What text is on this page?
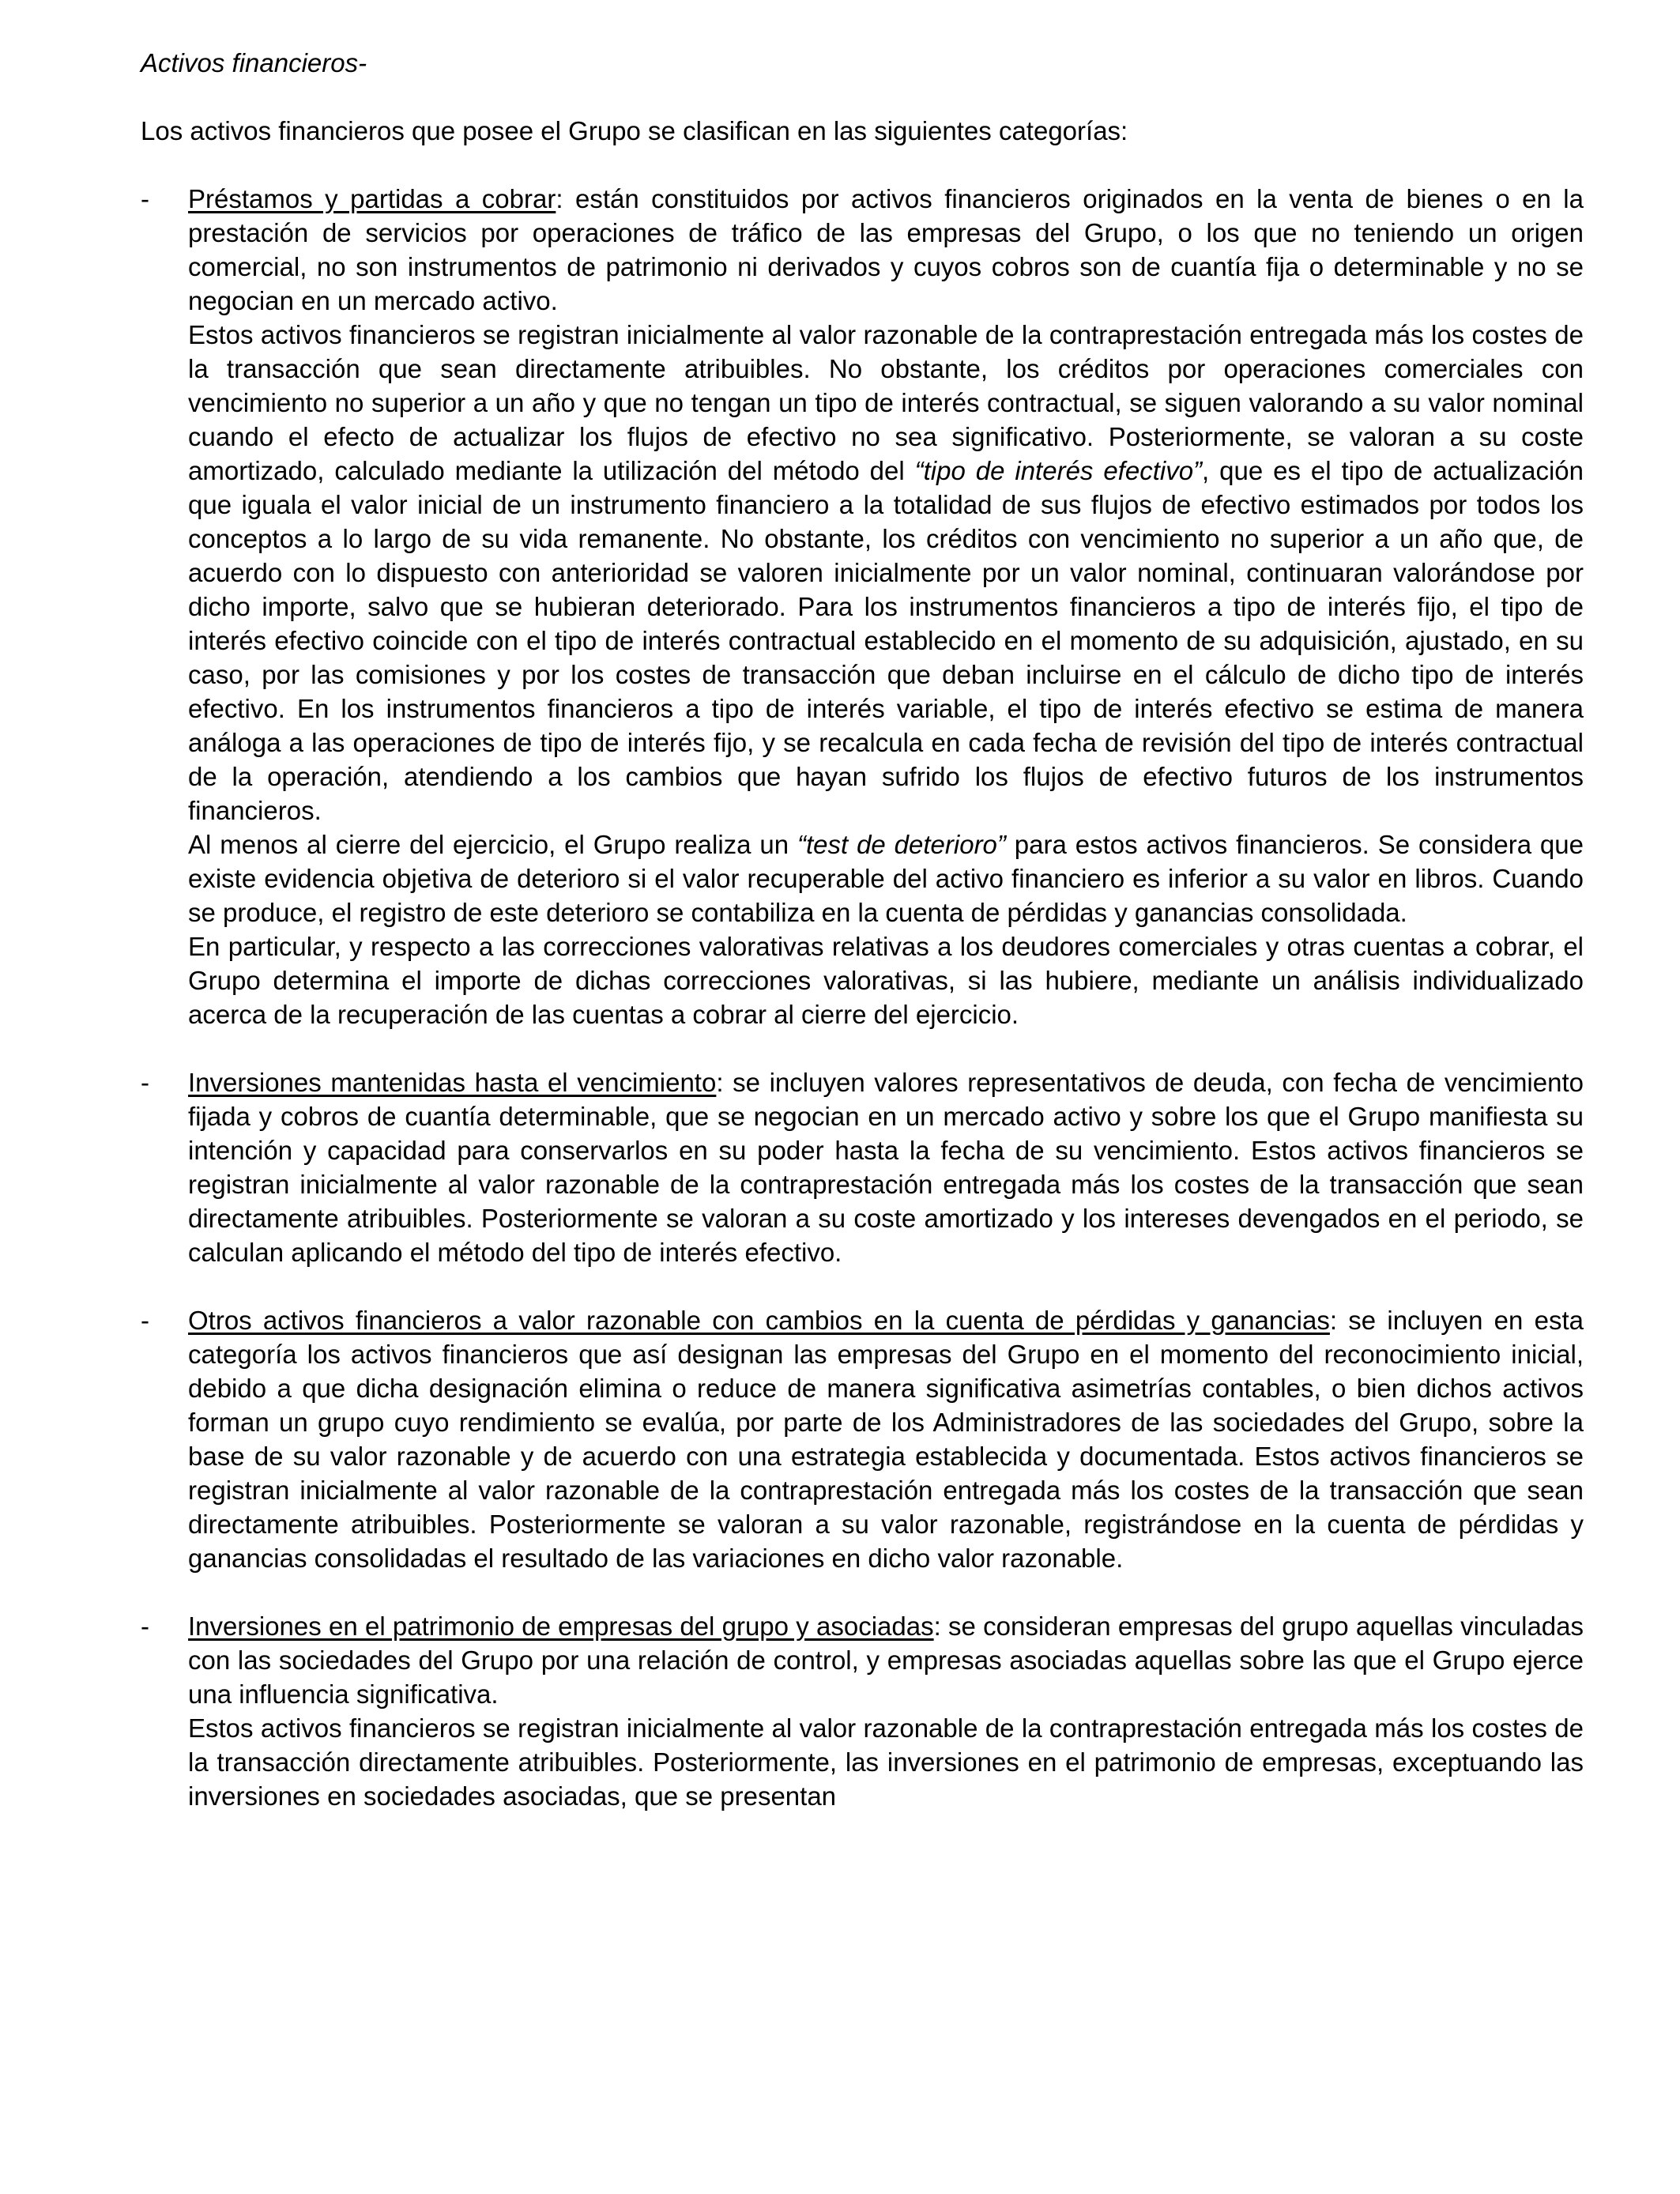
Activos financieros-

Los activos financieros que posee el Grupo se clasifican en las siguientes categorías:

- Préstamos y partidas a cobrar: están constituidos por activos financieros originados en la venta de bienes o en la prestación de servicios por operaciones de tráfico de las empresas del Grupo, o los que no teniendo un origen comercial, no son instrumentos de patrimonio ni derivados y cuyos cobros son de cuantía fija o determinable y no se negocian en un mercado activo.

Estos activos financieros se registran inicialmente al valor razonable de la contraprestación entregada más los costes de la transacción que sean directamente atribuibles. No obstante, los créditos por operaciones comerciales con vencimiento no superior a un año y que no tengan un tipo de interés contractual, se siguen valorando a su valor nominal cuando el efecto de actualizar los flujos de efectivo no sea significativo. Posteriormente, se valoran a su coste amortizado, calculado mediante la utilización del método del “tipo de interés efectivo”, que es el tipo de actualización que iguala el valor inicial de un instrumento financiero a la totalidad de sus flujos de efectivo estimados por todos los conceptos a lo largo de su vida remanente. No obstante, los créditos con vencimiento no superior a un año que, de acuerdo con lo dispuesto con anterioridad se valoren inicialmente por un valor nominal, continuaran valorándose por dicho importe, salvo que se hubieran deteriorado. Para los instrumentos financieros a tipo de interés fijo, el tipo de interés efectivo coincide con el tipo de interés contractual establecido en el momento de su adquisición, ajustado, en su caso, por las comisiones y por los costes de transacción que deban incluirse en el cálculo de dicho tipo de interés efectivo. En los instrumentos financieros a tipo de interés variable, el tipo de interés efectivo se estima de manera análoga a las operaciones de tipo de interés fijo, y se recalcula en cada fecha de revisión del tipo de interés contractual de la operación, atendiendo a los cambios que hayan sufrido los flujos de efectivo futuros de los instrumentos financieros.

Al menos al cierre del ejercicio, el Grupo realiza un “test de deterioro” para estos activos financieros. Se considera que existe evidencia objetiva de deterioro si el valor recuperable del activo financiero es inferior a su valor en libros. Cuando se produce, el registro de este deterioro se contabiliza en la cuenta de pérdidas y ganancias consolidada.

En particular, y respecto a las correcciones valorativas relativas a los deudores comerciales y otras cuentas a cobrar, el Grupo determina el importe de dichas correcciones valorativas, si las hubiere, mediante un análisis individualizado acerca de la recuperación de las cuentas a cobrar al cierre del ejercicio.

- Inversiones mantenidas hasta el vencimiento: se incluyen valores representativos de deuda, con fecha de vencimiento fijada y cobros de cuantía determinable, que se negocian en un mercado activo y sobre los que el Grupo manifiesta su intención y capacidad para conservarlos en su poder hasta la fecha de su vencimiento. Estos activos financieros se registran inicialmente al valor razonable de la contraprestación entregada más los costes de la transacción que sean directamente atribuibles. Posteriormente se valoran a su coste amortizado y los intereses devengados en el periodo, se calculan aplicando el método del tipo de interés efectivo.

- Otros activos financieros a valor razonable con cambios en la cuenta de pérdidas y ganancias: se incluyen en esta categoría los activos financieros que así designan las empresas del Grupo en el momento del reconocimiento inicial, debido a que dicha designación elimina o reduce de manera significativa asimetrías contables, o bien dichos activos forman un grupo cuyo rendimiento se evalúa, por parte de los Administradores de las sociedades del Grupo, sobre la base de su valor razonable y de acuerdo con una estrategia establecida y documentada. Estos activos financieros se registran inicialmente al valor razonable de la contraprestación entregada más los costes de la transacción que sean directamente atribuibles. Posteriormente se valoran a su valor razonable, registrándose en la cuenta de pérdidas y ganancias consolidadas el resultado de las variaciones en dicho valor razonable.

- Inversiones en el patrimonio de empresas del grupo y asociadas: se consideran empresas del grupo aquellas vinculadas con las sociedades del Grupo por una relación de control, y empresas asociadas aquellas sobre las que el Grupo ejerce una influencia significativa.

Estos activos financieros se registran inicialmente al valor razonable de la contraprestación entregada más los costes de la transacción directamente atribuibles. Posteriormente, las inversiones en el patrimonio de empresas, exceptuando las inversiones en sociedades asociadas, que se presentan
